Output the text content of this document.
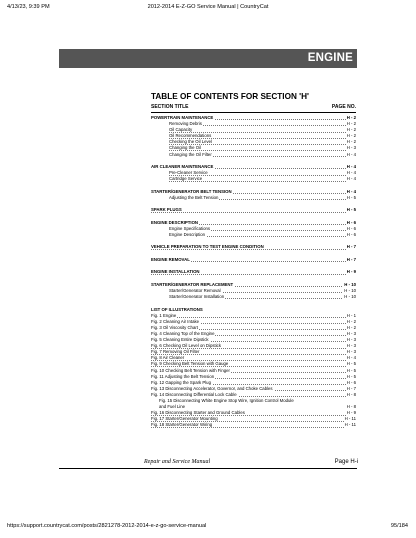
4/13/23, 9:39 PM	2012-2014 E-Z-GO Service Manual | CountryCat
ENGINE
TABLE OF CONTENTS FOR SECTION 'H'
SECTION TITLE	PAGE NO.
POWERTRAIN MAINTENANCE	H - 2
Removing Debris	H - 2
Oil Capacity	H - 2
Oil Recommendations	H - 2
Checking the Oil Level	H - 2
Changing the Oil	H - 3
Changing the Oil Filter	H - 4
AIR CLEANER MAINTENANCE	H - 4
Pre-Cleaner Service	H - 4
Cartridge Service	H - 4
STARTER/GENERATOR BELT TENSION	H - 4
Adjusting the Belt Tension	H - 5
SPARK PLUGS	H - 5
ENGINE DESCRIPTION	H - 6
Engine Specifications	H - 6
Engine Description	H - 6
VEHICLE PREPARATION TO TEST ENGINE CONDITION	H - 7
ENGINE REMOVAL	H - 7
ENGINE INSTALLATION	H - 9
STARTER/GENERATOR REPLACEMENT	H - 10
Starter/Generator Removal	H - 10
Starter/Generator Installation	H - 10
LIST OF ILLUSTRATIONS
Fig. 1 Engine	H - 1
Fig. 2 Cleaning Air Intake	H - 2
Fig. 3 Oil Viscosity Chart	H - 2
Fig. 4 Cleaning Top of the Engine	H - 3
Fig. 5 Cleaning Entire Dipstick	H - 3
Fig. 6 Checking Oil Level on Dipstick	H - 3
Fig. 7 Removing Oil Filter	H - 3
Fig. 8 Air Cleaner	H - 4
Fig. 9 Checking Belt Tension with Gauge	H - 5
Fig. 10 Checking Belt Tension with Finger	H - 5
Fig. 11 Adjusting the Belt Tension	H - 5
Fig. 12 Gapping the Spark Plug	H - 6
Fig. 13 Disconnecting Accelerator, Governor, and Choke Cables	H - 7
Fig. 14 Disconnecting Differential Lock Cable	H - 8
Fig. 15 Disconnecting White Engine Stop Wire, Ignition Control Module
and Fuel Line	H - 8
Fig. 16 Disconnecting Starter and Ground Cables	H - 9
Fig. 17 Starter/Generator Mounting	H - 11
Fig. 18 Starter/Generator Wiring	H - 11
Repair and Service Manual	Page H-i
https://support.countrycat.com/posts/2821278-2012-2014-e-z-go-service-manual	95/184
